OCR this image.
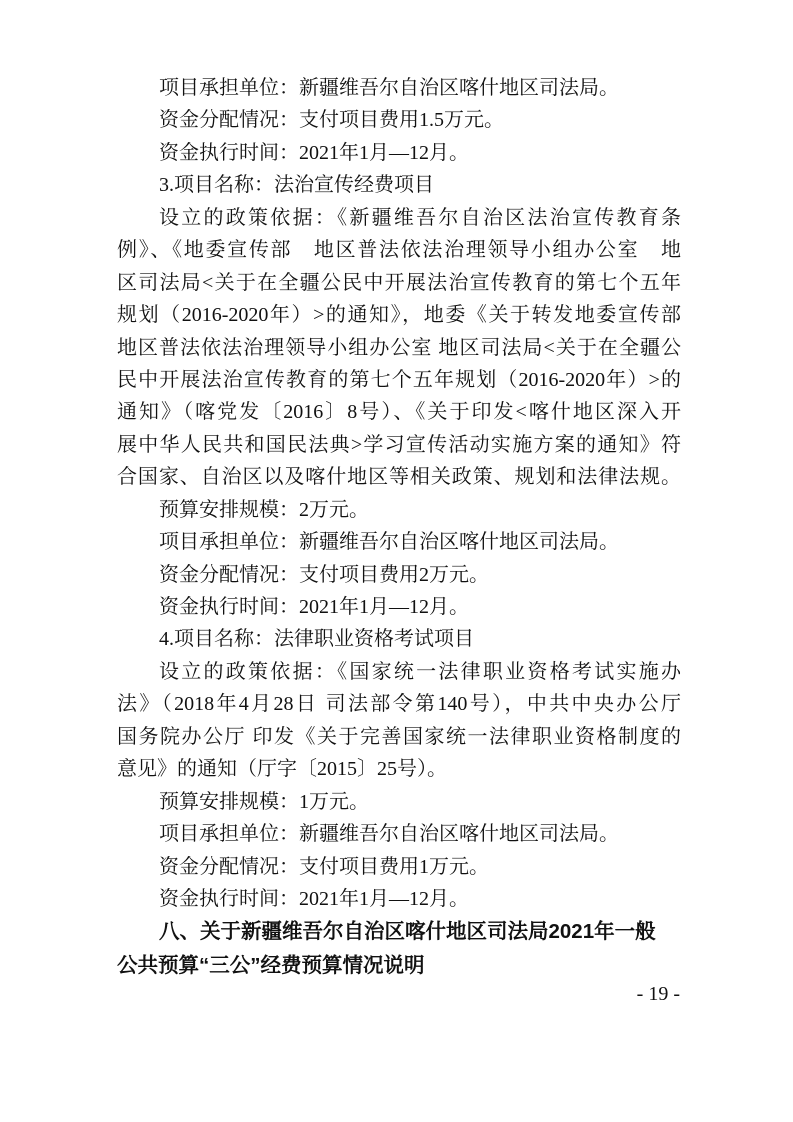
项目承担单位：新疆维吾尔自治区喀什地区司法局。
资金分配情况：支付项目费用1.5万元。
资金执行时间：2021年1月—12月。
3.项目名称：法治宣传经费项目
设立的政策依据：《新疆维吾尔自治区法治宣传教育条
例》、《地委宣传部　地区普法依法治理领导小组办公室　地
区司法局<关于在全疆公民中开展法治宣传教育的第七个五年
规划（2016-2020年）>的通知》，地委《关于转发地委宣传部
地区普法依法治理领导小组办公室 地区司法局<关于在全疆公
民中开展法治宣传教育的第七个五年规划（2016-2020年）>的
通知》（喀党发〔2016〕8号）、《关于印发<喀什地区深入开
展中华人民共和国民法典>学习宣传活动实施方案的通知》符
合国家、自治区以及喀什地区等相关政策、规划和法律法规。
预算安排规模：2万元。
项目承担单位：新疆维吾尔自治区喀什地区司法局。
资金分配情况：支付项目费用2万元。
资金执行时间：2021年1月—12月。
4.项目名称：法律职业资格考试项目
设立的政策依据：《国家统一法律职业资格考试实施办
法》（2018年4月28日 司法部令第140号），中共中央办公厅
国务院办公厅 印发《关于完善国家统一法律职业资格制度的
意见》的通知（厅字〔2015〕25号）。
预算安排规模：1万元。
项目承担单位：新疆维吾尔自治区喀什地区司法局。
资金分配情况：支付项目费用1万元。
资金执行时间：2021年1月—12月。
八、关于新疆维吾尔自治区喀什地区司法局2021年一般
公共预算“三公”经费预算情况说明
- 19 -
